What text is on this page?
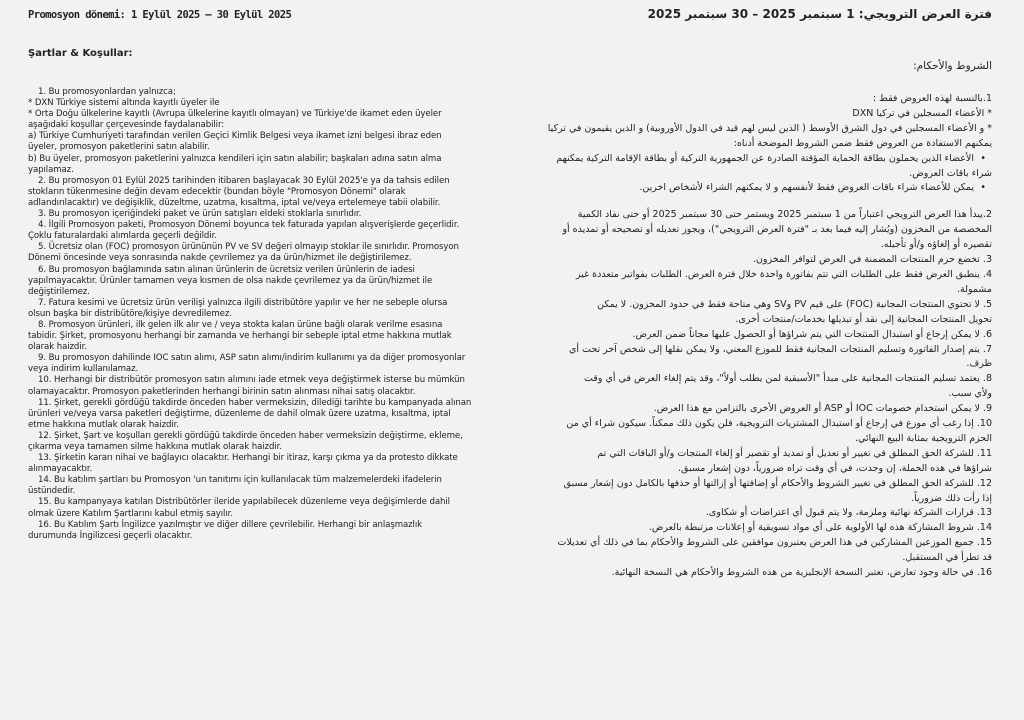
Promosyon dönemi: 1 Eylül 2025 – 30 Eylül 2025	فترة العرض الترويجي: 1 سبتمبر 2025 – 30 سبتمبر 2025
Şartlar & Koşullar:
الشروط والأحكام:

1. Bu promosyonlardan yalnızca;

* DXN Türkiye sistemi altında kayıtlı üyeler ile

* Orta Doğu ülkelerine kayıtlı (Avrupa ülkelerine kayıtlı olmayan) ve Türkiye'de ikamet eden üyeler

aşağıdaki koşullar çerçevesinde faydalanabilir:

a) Türkiye Cumhuriyeti tarafından verilen Geçici Kimlik Belgesi veya ikamet izni belgesi ibraz eden

üyeler, promosyon paketlerini satın alabilir.

b) Bu üyeler, promosyon paketlerini yalnızca kendileri için satın alabilir; başkaları adına satın alma

yapılamaz.

2. Bu promosyon 01 Eylül 2025 tarihinden itibaren başlayacak 30 Eylül 2025'e ya da tahsis edilen

stokların tükenmesine değin devam edecektir (bundan böyle "Promosyon Dönemi" olarak

adlandırılacaktır) ve değişiklik, düzeltme, uzatma, kısaltma, iptal ve/veya ertelemeye tabii olabilir.

3. Bu promosyon içeriğindeki paket ve ürün satışları eldeki stoklarla sınırlıdır.

4. İlgili Promosyon paketi, Promosyon Dönemi boyunca tek faturada yapılan alışverişlerde geçerlidir.

Çoklu faturalardaki alımlarda geçerli değildir.

5. Ücretsiz olan (FOC) promosyon ürününün PV ve SV değeri olmayıp stoklar ile sınırlıdır. Promosyon

Dönemi öncesinde veya sonrasında nakde çevrilemez ya da ürün/hizmet ile değiştirilemez.

6. Bu promosyon bağlamında satın alınan ürünlerin de ücretsiz verilen ürünlerin de iadesi

yapılmayacaktır. Ürünler tamamen veya kısmen de olsa nakde çevrilemez ya da ürün/hizmet ile

değiştirilemez.

7. Fatura kesimi ve ücretsiz ürün verilişi yalnızca ilgili distribütöre yapılır ve her ne sebeple olursa

olsun başka bir distribütöre/kişiye devredilemez.

8. Promosyon ürünleri, ilk gelen ilk alır ve / veya stokta kalan ürüne bağlı olarak verilme esasına

tabidir. Şirket, promosyonu herhangi bir zamanda ve herhangi bir sebeple iptal etme hakkına mutlak

olarak haizdir.

9. Bu promosyon dahilinde IOC satın alımı, ASP satın alımı/indirim kullanımı ya da diğer promosyonlar

veya indirim kullanılamaz.

10. Herhangi bir distribütör promosyon satın alımını iade etmek veya değiştirmek isterse bu mümkün

olamayacaktır. Promosyon paketlerinden herhangi birinin satın alınması nihai satış olacaktır.

11. Şirket, gerekli gördüğü takdirde önceden haber vermeksizin, dilediği tarihte bu kampanyada alınan

ürünleri ve/veya varsa paketleri değiştirme, düzenleme de dahil olmak üzere uzatma, kısaltma, iptal

etme hakkına mutlak olarak haizdir.

12. Şirket, Şart ve koşulları gerekli gördüğü takdirde önceden haber vermeksizin değiştirme, ekleme,

çıkarma veya tamamen silme hakkına mutlak olarak haizdir.

13. Şirketin kararı nihai ve bağlayıcı olacaktır. Herhangi bir itiraz, karşı çıkma ya da protesto dikkate

alınmayacaktır.

14. Bu katılım şartları bu Promosyon 'un tanıtımı için kullanılacak tüm malzemelerdeki ifadelerin

üstündedir.

15. Bu kampanyaya katılan Distribütörler ileride yapılabilecek düzenleme veya değişimlerde dahil

olmak üzere Katılım Şartlarını kabul etmiş sayılır.

16. Bu Katılım Şartı İngilizce yazılmıştır ve diğer dillere çevrilebilir. Herhangi bir anlaşmazlık

durumunda İngilizcesi geçerli olacaktır.

1.بالنسبة لهذه العروض فقط :

* الأعضاء المسجلين في تركيا DXN

* و الأعضاء المسجلين في دول الشرق الأوسط ( الذين ليس لهم قيد في الدول الأوروبية) و الذين يقيمون في تركيا

يمكنهم الاستفادة من العروض فقط ضمن الشروط الموضحة أدناه:

• الأعضاء الذين يحملون بطاقة الحماية المؤقتة الصادرة عن الجمهورية التركية أو بطاقة الإقامة التركية يمكنهم

شراء باقات العروض.

• يمكن للأعضاء شراء باقات العروض فقط لأنفسهم و لا يمكنهم الشراء لأشخاص اخرين.

2.يبدأ هذا العرض الترويجي اعتباراً من 1 سبتمبر 2025 ويستمر حتى 30 سبتمبر 2025 أو حتى نفاد الكمية

المخصصة من المخزون (ويُشار إليه فيما بعد بـ "فترة العرض الترويجي")، ويجوز تعديله أو تصحيحه أو تمديده أو

تقصيره أو إلغاؤه و/أو تأجيله.

3. تخضع حزم المنتجات المضمنة في العرض لتوافر المخزون.

4. ينطبق العرض فقط على الطلبات التي تتم بفاتورة واحدة خلال فترة العرض. الطلبات بفواتير متعددة غير

مشمولة.

5. لا تحتوي المنتجات المجانية (FOC) على قيم PV وSV وهي متاحة فقط في حدود المخزون. لا يمكن

تحويل المنتجات المجانية إلى نقد أو تبديلها بخدمات/منتجات أخرى.

6. لا يمكن إرجاع أو استبدال المنتجات التي يتم شراؤها أو الحصول عليها مجاناً ضمن العرض.

7. يتم إصدار الفاتورة وتسليم المنتجات المجانية فقط للموزع المعني، ولا يمكن نقلها إلى شخص آخر تحت أي

ظرف.

8. يعتمد تسليم المنتجات المجانية على مبدأ "الأسبقية لمن يطلب أولاً"، وقد يتم إلغاء العرض في أي وقت

ولأي سبب.

9. لا يمكن استخدام خصومات IOC أو ASP أو العروض الأخرى بالتزامن مع هذا العرض.

10. إذا رغب أي موزع في إرجاع أو استبدال المشتريات الترويجية، فلن يكون ذلك ممكناً. سيكون شراء أي من

الحزم الترويجية بمثابة البيع النهائي.

11. للشركة الحق المطلق في تغيير أو تعديل أو تمديد أو تقصير أو إلغاء المنتجات و/أو الباقات التي تم

شراؤها في هذه الحملة، إن وجدت، في أي وقت تراه ضرورياً، دون إشعار مسبق.

12. للشركة الحق المطلق في تغيير الشروط والأحكام أو إضافتها أو إزالتها أو حذفها بالكامل دون إشعار مسبق

إذا رأت ذلك ضرورياً.

13. قرارات الشركة نهائية وملزمة، ولا يتم قبول أي اعتراضات أو شكاوى.

14. شروط المشاركة هذه لها الأولوية على أي مواد تسويقية أو إعلانات مرتبطة بالعرض.

15. جميع الموزعين المشاركين في هذا العرض يعتبرون موافقين على الشروط والأحكام بما في ذلك أي تعديلات

قد تطرأ في المستقبل.

16. في حالة وجود تعارض، تعتبر النسخة الإنجليزية من هذه الشروط والأحكام هي النسخة النهائية.
